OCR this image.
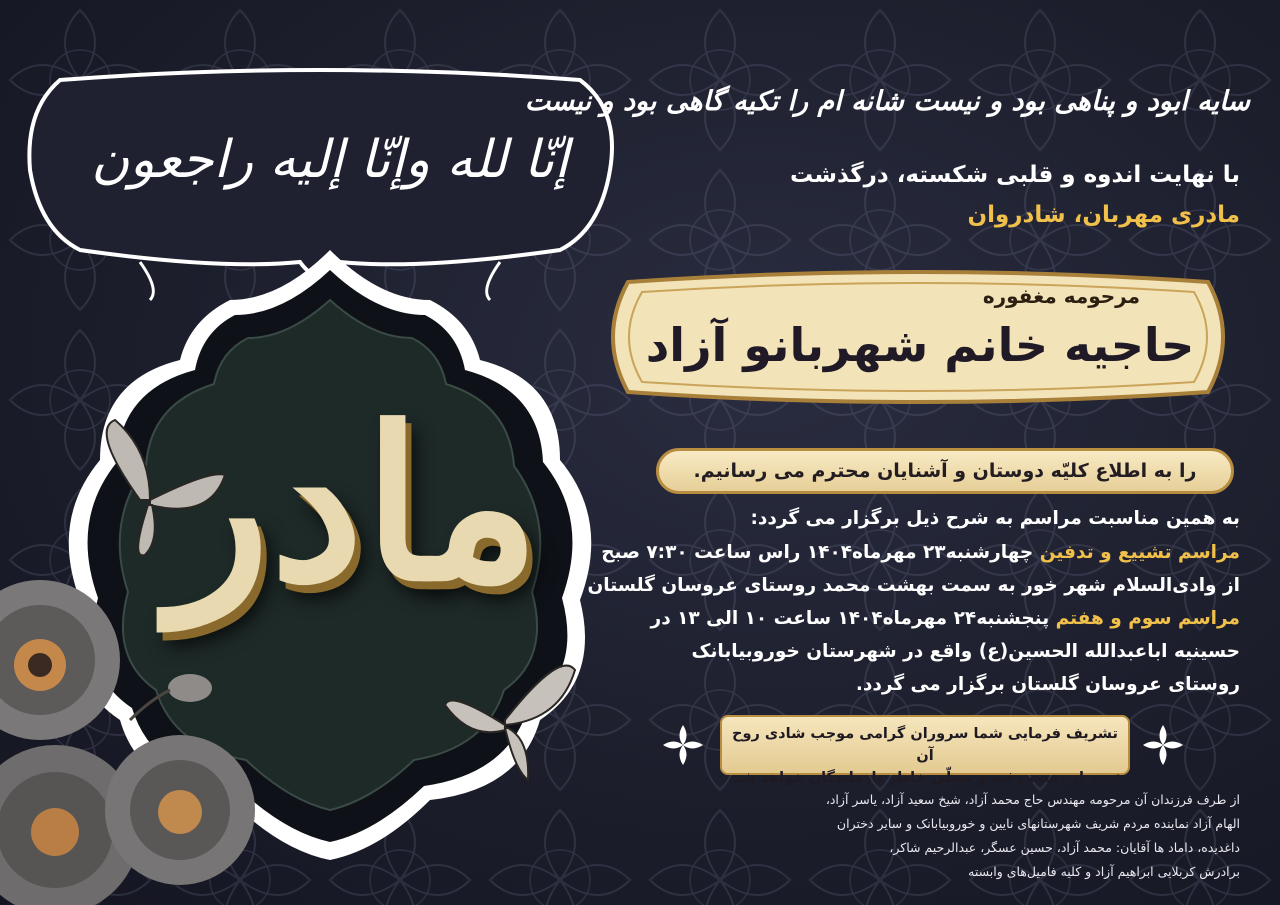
إنّا لله وإنّا إليه راجعون
مادر
سایه ابود و پناهی بود و نیست شانه ام را تکیه گاهی بود و نیست
با نهایت اندوه و قلبی شکسته، درگذشت
مادری مهربان، شادروان
مرحومه مغفوره
حاجیه خانم شهربانو آزاد
را به اطلاع کلیّه دوستان و آشنایان محترم می رسانیم.
به همین مناسبت مراسم به شرح ذیل برگزار می گردد:
مراسم تشییع و تدفین چهارشنبه۲۳ مهرماه۱۴۰۴ راس ساعت ۷:۳۰ صبح
از وادی‌السلام شهر خور به سمت بهشت محمد روستای عروسان گلستان
مراسم سوم و هفتم پنجشنبه۲۴ مهرماه۱۴۰۴ ساعت ۱۰ الی ۱۳ در
حسینیه اباعبدالله الحسین(ع) واقع در شهرستان خوروبیابانک
روستای عروسان گلستان برگزار می گردد.
تشریف فرمایی شما سروران گرامی موجب شادی روح آن
عزیز از دست رفته و تسلّی خاطر بازماندگان خواهد شد.
از طرف فرزندان آن مرحومه مهندس حاج محمد آزاد، شیخ سعید آزاد، یاسر آزاد،
الهام آزاد نماینده مردم شریف شهرستانهای نایین و خوروبیابانک و سایر دختران
داغدیده، داماد ها آقایان: محمد آزاد، حسین عسگر، عبدالرحیم شاکر،
برادرش کربلایی ابراهیم آزاد و کلیه فامیل‌های وابسته
